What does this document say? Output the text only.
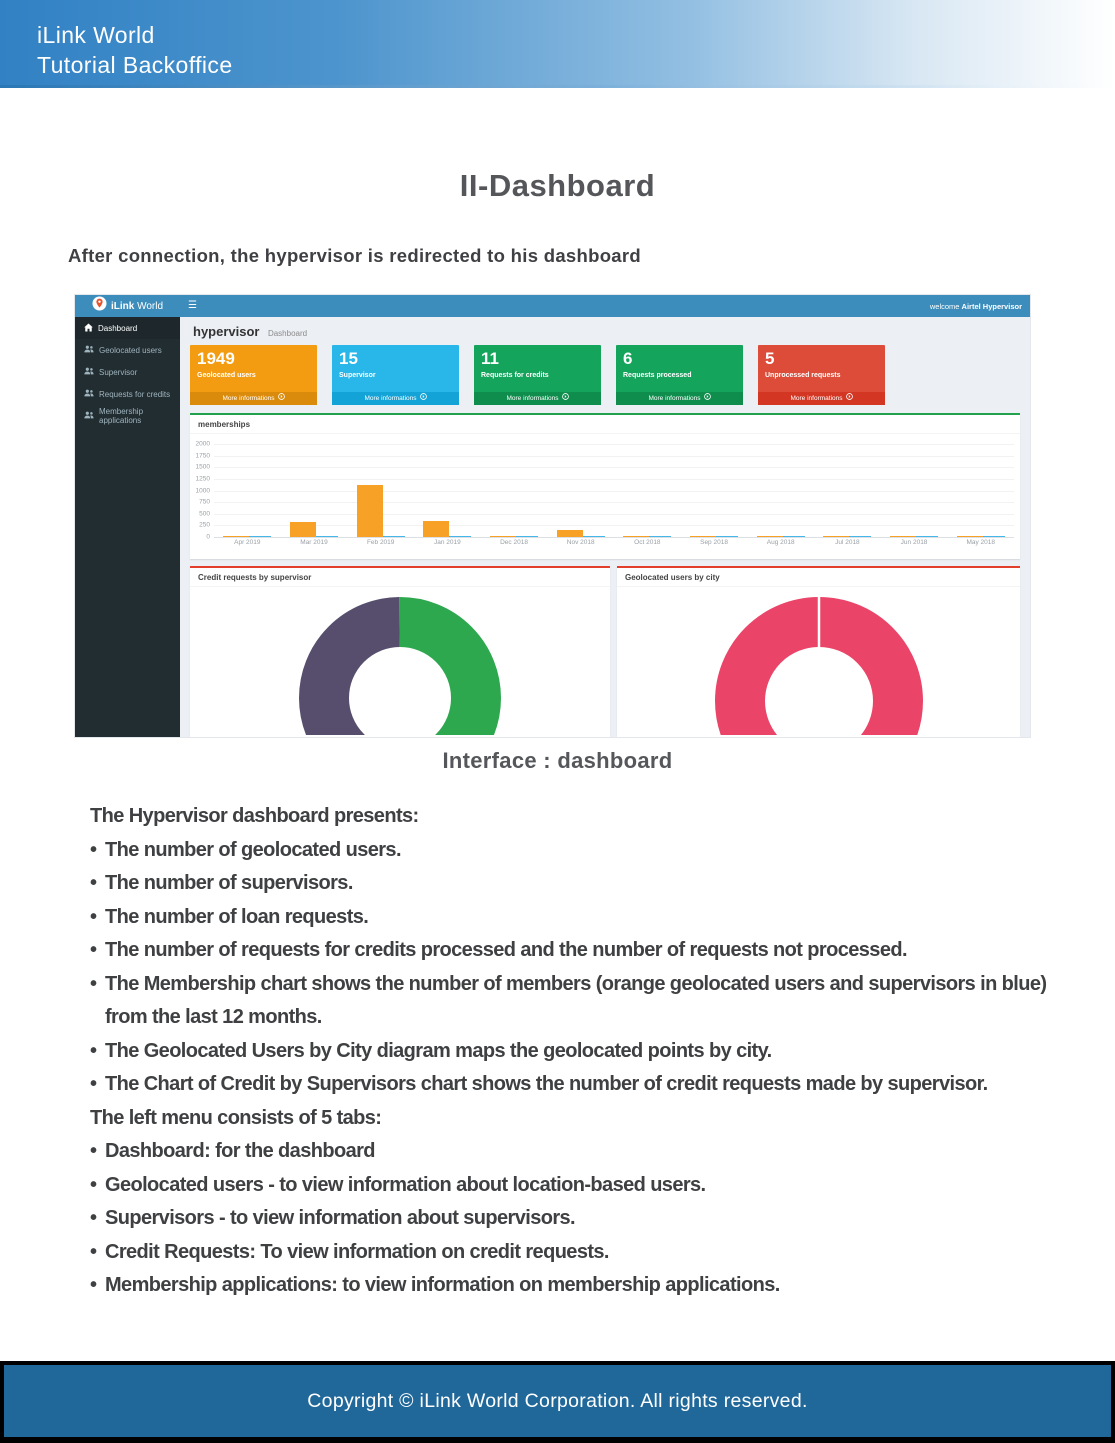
iLink World
Tutorial Backoffice
II-Dashboard
After connection, the hypervisor is redirected to his dashboard
iLink World ☰	welcome Airtel Hypervisor
Dashboard
Geolocated users
Supervisor
Requests for credits
Membership applications
hypervisor Dashboard
1949
Geolocated users
More informations
15
Supervisor
More informations
11
Requests for credits
More informations
6
Requests processed
More informations
5
Unprocessed requests
More informations
memberships
0
250
500
750
1000
1250
1500
1750
2000
Apr 2019	Mar 2019	Feb 2019	Jan 2019	Dec 2018	Nov 2018	Oct 2018	Sep 2018	Aug 2018	Jul 2018	Jun 2018	May 2018
Credit requests by supervisor	Geolocated users by city
Interface : dashboard
The Hypervisor dashboard presents:
• The number of geolocated users.
• The number of supervisors.
• The number of loan requests.
• The number of requests for credits processed and the number of requests not processed.
• The Membership chart shows the number of members (orange geolocated users and supervisors in blue)
from the last 12 months.
• The Geolocated Users by City diagram maps the geolocated points by city.
• The Chart of Credit by Supervisors chart shows the number of credit requests made by supervisor.
The left menu consists of 5 tabs:
• Dashboard: for the dashboard
• Geolocated users - to view information about location-based users.
• Supervisors - to view information about supervisors.
• Credit Requests: To view information on credit requests.
• Membership applications: to view information on membership applications.
Copyright © iLink World Corporation. All rights reserved.
